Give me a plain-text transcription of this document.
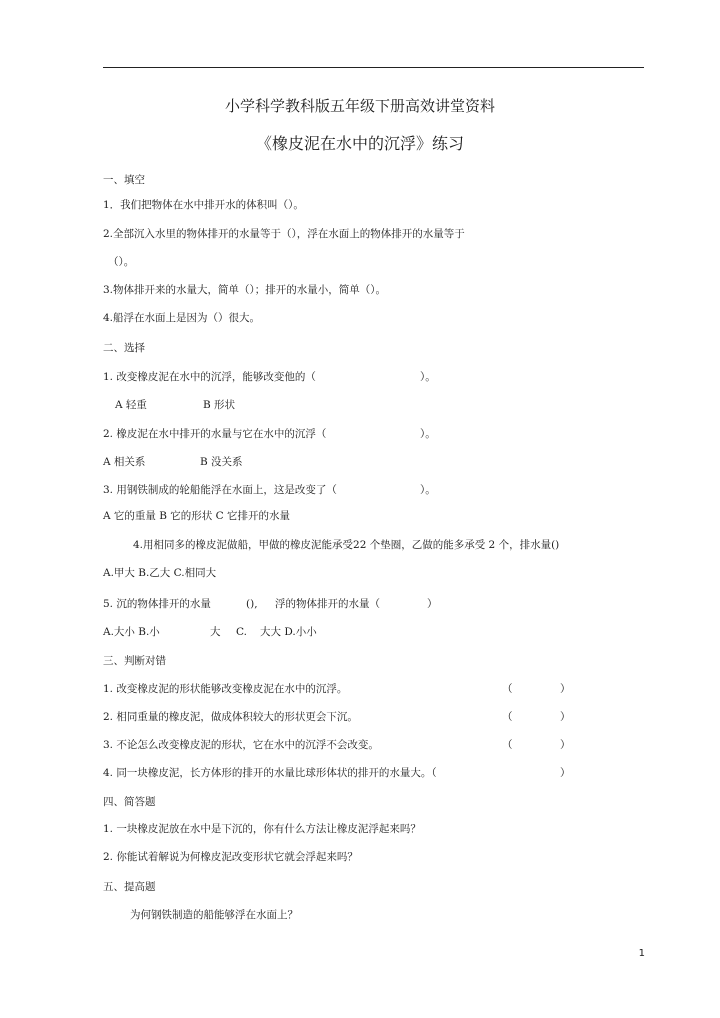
小学科学教科版五年级下册高效讲堂资料
《橡皮泥在水中的沉浮》练习
一、填空
1．我们把物体在水中排开水的体积叫（）。
2.全部沉入水里的物体排开的水量等于（），浮在水面上的物体排开的水量等于
（）。
3.物体排开来的水量大，简单（）；排开的水量小，简单（）。
4.船浮在水面上是因为（）很大。
二、选择
1. 改变橡皮泥在水中的沉浮，能够改变他的（	）。
A 轻重	B 形状
2. 橡皮泥在水中排开的水量与它在水中的沉浮（	）。
A 相关系	B 没关系
3. 用钢铁制成的轮船能浮在水面上，这是改变了（	）。
A 它的重量 B 它的形状 C 它排开的水量
4.用相同多的橡皮泥做船，甲做的橡皮泥能承受22 个垫圈，乙做的能多承受 2 个，排水量()
A.甲大 B.乙大 C.相同大
5. 沉的物体排开的水量	(), 浮的物体排开的水量（	）
A.大小 B.小	大 C. 大大 D.小小
三、判断对错
1. 改变橡皮泥的形状能够改变橡皮泥在水中的沉浮。	（	）
2. 相同重量的橡皮泥，做成体积较大的形状更会下沉。	（	）
3. 不论怎么改变橡皮泥的形状，它在水中的沉浮不会改变。	（	）
4. 同一块橡皮泥，长方体形的排开的水量比球形体状的排开的水量大。（	）
四、简答题
1. 一块橡皮泥放在水中是下沉的，你有什么方法让橡皮泥浮起来吗？
2. 你能试着解说为何橡皮泥改变形状它就会浮起来吗？
五、提高题
为何钢铁制造的船能够浮在水面上？
1
